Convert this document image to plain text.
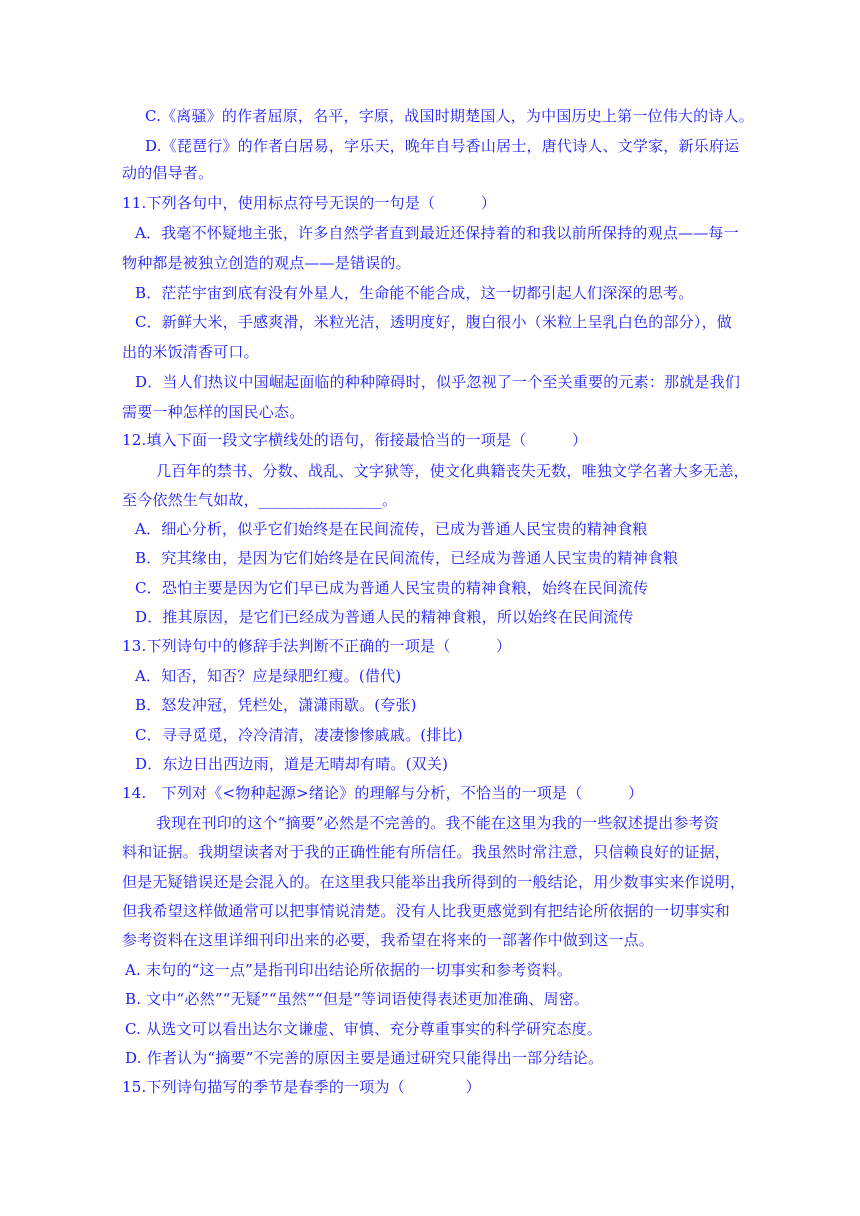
C.《离骚》的作者屈原，名平，字原，战国时期楚国人，为中国历史上第一位伟大的诗人。
D.《琵琶行》的作者白居易，字乐天，晚年自号香山居士，唐代诗人、文学家，新乐府运
动的倡导者。
11.下列各句中，使用标点符号无误的一句是（　　　）
A．我毫不怀疑地主张，许多自然学者直到最近还保持着的和我以前所保持的观点——每一
物种都是被独立创造的观点——是错误的。
B．茫茫宇宙到底有没有外星人，生命能不能合成，这一切都引起人们深深的思考。
C．新鲜大米，手感爽滑，米粒光洁，透明度好，腹白很小（米粒上呈乳白色的部分），做
出的米饭清香可口。
D．当人们热议中国崛起面临的种种障碍时，似乎忽视了一个至关重要的元素：那就是我们
需要一种怎样的国民心态。
12.填入下面一段文字横线处的语句，衔接最恰当的一项是（　　　）
几百年的禁书、分数、战乱、文字狱等，使文化典籍丧失无数，唯独文学名著大多无恙，
至今依然生气如故，________________。
A．细心分析，似乎它们始终是在民间流传，已成为普通人民宝贵的精神食粮
B．究其缘由，是因为它们始终是在民间流传，已经成为普通人民宝贵的精神食粮
C．恐怕主要是因为它们早已成为普通人民宝贵的精神食粮，始终在民间流传
D．推其原因，是它们已经成为普通人民的精神食粮，所以始终在民间流传
13.下列诗句中的修辞手法判断不正确的一项是（　　　）
A．知否，知否？应是绿肥红瘦。(借代)
B．怒发冲冠，凭栏处，潇潇雨歇。(夸张)
C．寻寻觅觅，冷冷清清，凄凄惨惨戚戚。(排比)
D．东边日出西边雨，道是无晴却有晴。(双关)
14.　下列对《<物种起源>绪论》的理解与分析，不恰当的一项是（　　　）
我现在刊印的这个“摘要”必然是不完善的。我不能在这里为我的一些叙述提出参考资
料和证据。我期望读者对于我的正确性能有所信任。我虽然时常注意，只信赖良好的证据，
但是无疑错误还是会混入的。在这里我只能举出我所得到的一般结论，用少数事实来作说明，
但我希望这样做通常可以把事情说清楚。没有人比我更感觉到有把结论所依据的一切事实和
参考资料在这里详细刊印出来的必要，我希望在将来的一部著作中做到这一点。
A. 末句的“这一点”是指刊印出结论所依据的一切事实和参考资料。
B. 文中“必然”“无疑”“虽然”“但是”等词语使得表述更加准确、周密。
C. 从选文可以看出达尔文谦虚、审慎、充分尊重事实的科学研究态度。
D. 作者认为“摘要”不完善的原因主要是通过研究只能得出一部分结论。
15.下列诗句描写的季节是春季的一项为（　　　　）
